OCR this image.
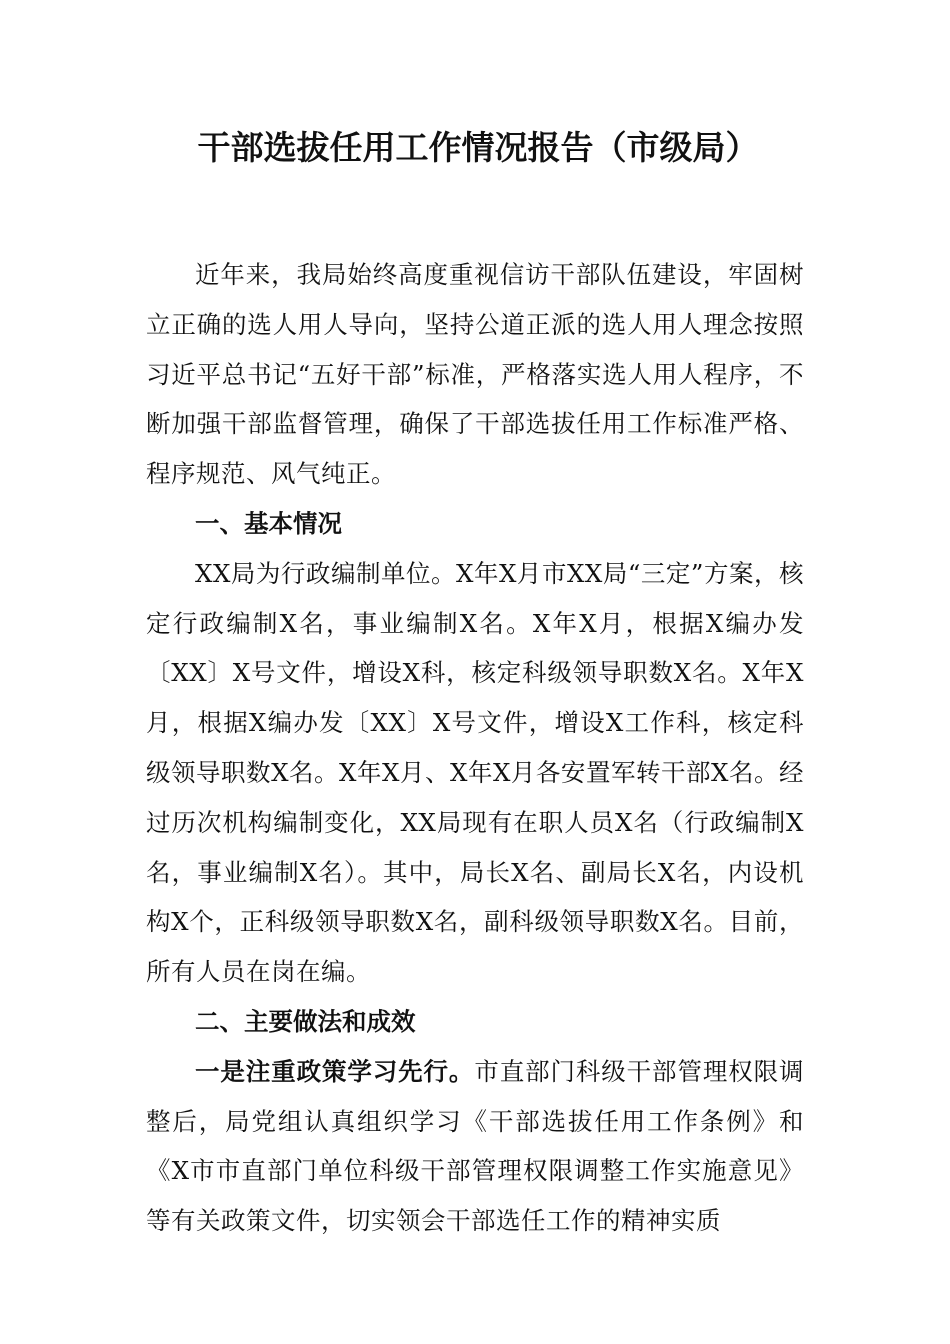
干部选拔任用工作情况报告（市级局）

近年来，我局始终高度重视信访干部队伍建设，牢固树立正确的选人用人导向，坚持公道正派的选人用人理念按照习近平总书记“五好干部”标准，严格落实选人用人程序，不断加强干部监督管理，确保了干部选拔任用工作标准严格、程序规范、风气纯正。

一、基本情况

XX局为行政编制单位。X年X月市XX局“三定”方案，核定行政编制X名，事业编制X名。X年X月，根据X编办发〔XX〕X号文件，增设X科，核定科级领导职数X名。X年X月，根据X编办发〔XX〕X号文件，增设X工作科，核定科级领导职数X名。X年X月、X年X月各安置军转干部X名。经过历次机构编制变化，XX局现有在职人员X名（行政编制X名，事业编制X名）。其中，局长X名、副局长X名，内设机构X个，正科级领导职数X名，副科级领导职数X名。目前，所有人员在岗在编。

二、主要做法和成效

一是注重政策学习先行。市直部门科级干部管理权限调整后，局党组认真组织学习《干部选拔任用工作条例》和《X市市直部门单位科级干部管理权限调整工作实施意见》等有关政策文件，切实领会干部选任工作的精神实质
